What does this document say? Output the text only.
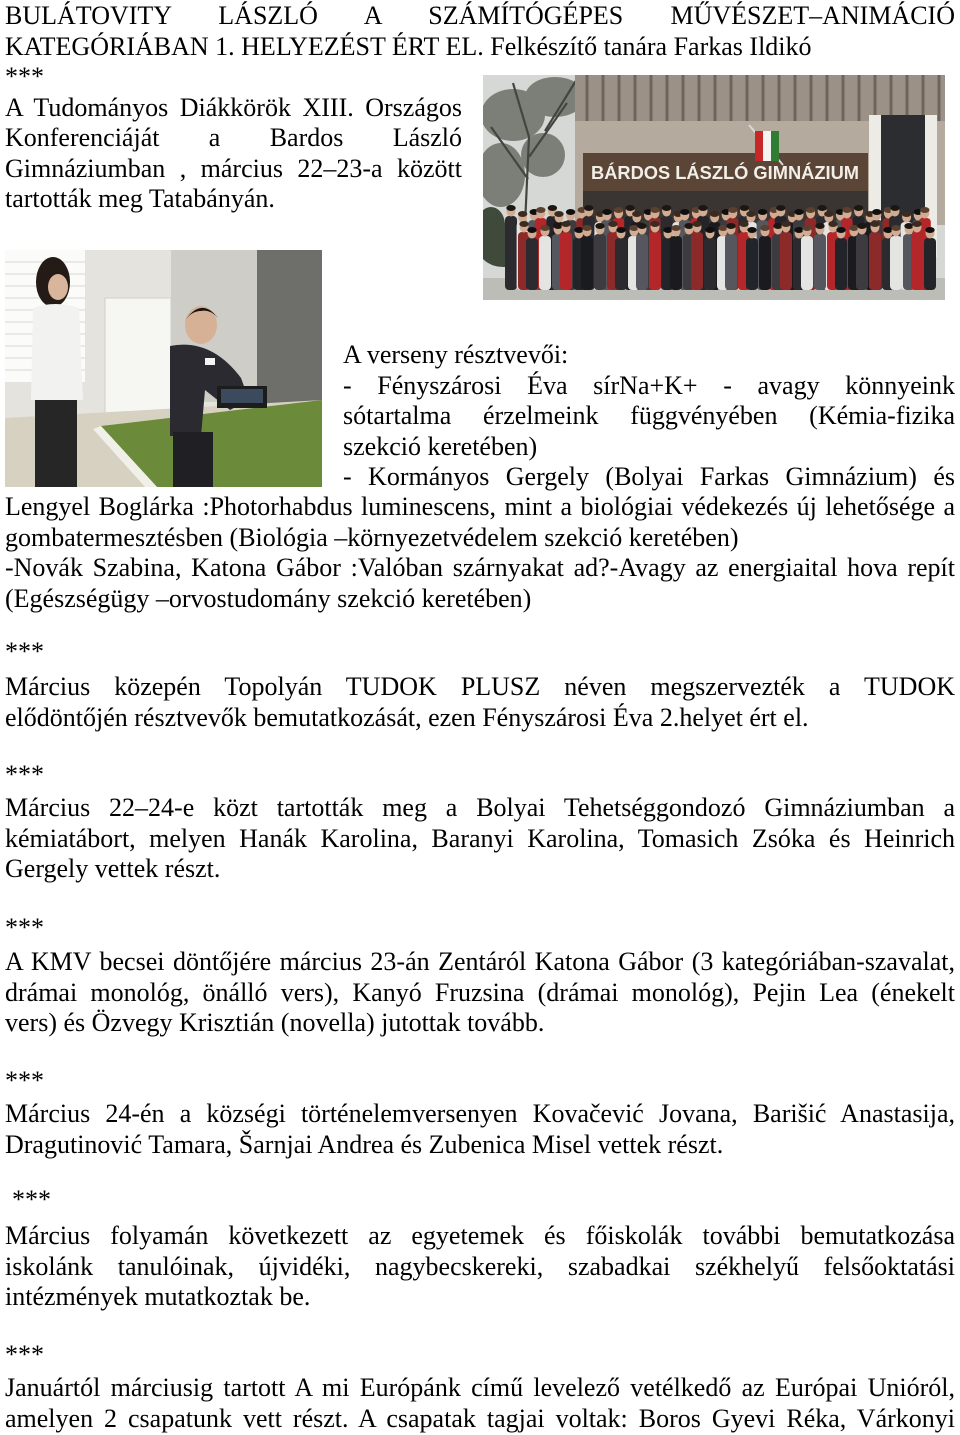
BULÁTOVITY LÁSZLÓ A SZÁMÍTÓGÉPES MŰVÉSZET–ANIMÁCIÓ
KATEGÓRIÁBAN 1. HELYEZÉST ÉRT EL. Felkészítő tanára Farkas Ildikó
***
A Tudományos Diákkörök XIII. Országos
Konferenciáját a Bardos László
Gimnáziumban , március 22–23-a között
tartották meg Tatabányán.
BÁRDOS LÁSZLÓ GIMNÁZIUM
A verseny résztvevői:
- Fényszárosi Éva sírNa+K+ - avagy könnyeink
sótartalma érzelmeink függvényében (Kémia-fizika
szekció keretében)
- Kormányos Gergely (Bolyai Farkas Gimnázium) és
Lengyel Boglárka :Photorhabdus luminescens, mint a biológiai védekezés új lehetősége a
gombatermesztésben (Biológia –környezetvédelem szekció keretében)
-Novák Szabina, Katona Gábor :Valóban szárnyakat ad?-Avagy az energiaital hova repít
(Egészségügy –orvostudomány szekció keretében)
***
Március közepén Topolyán TUDOK PLUSZ néven megszervezték a TUDOK
elődöntőjén résztvevők bemutatkozását, ezen Fényszárosi Éva 2.helyet ért el.
***
Március 22–24-e közt tartották meg a Bolyai Tehetséggondozó Gimnáziumban a
kémiatábort, melyen Hanák Karolina, Baranyi Karolina, Tomasich Zsóka és Heinrich
Gergely vettek részt.
***
A KMV becsei döntőjére március 23-án Zentáról Katona Gábor (3 kategóriában-szavalat,
drámai monológ, önálló vers), Kanyó Fruzsina (drámai monológ), Pejin Lea (énekelt
vers) és Özvegy Krisztián (novella) jutottak tovább.
***
Március 24-én a községi történelemversenyen Kovačević Jovana, Barišić Anastasija,
Dragutinović Tamara, Šarnjai Andrea és Zubenica Misel vettek részt.
***
Március folyamán következett az egyetemek és főiskolák további bemutatkozása
iskolánk tanulóinak, újvidéki, nagybecskereki, szabadkai székhelyű felsőoktatási
intézmények mutatkoztak be.
***
Januártól márciusig tartott A mi Európánk című levelező vetélkedő az Európai Unióról,
amelyen 2 csapatunk vett részt. A csapatak tagjai voltak: Boros Gyevi Réka, Várkonyi
